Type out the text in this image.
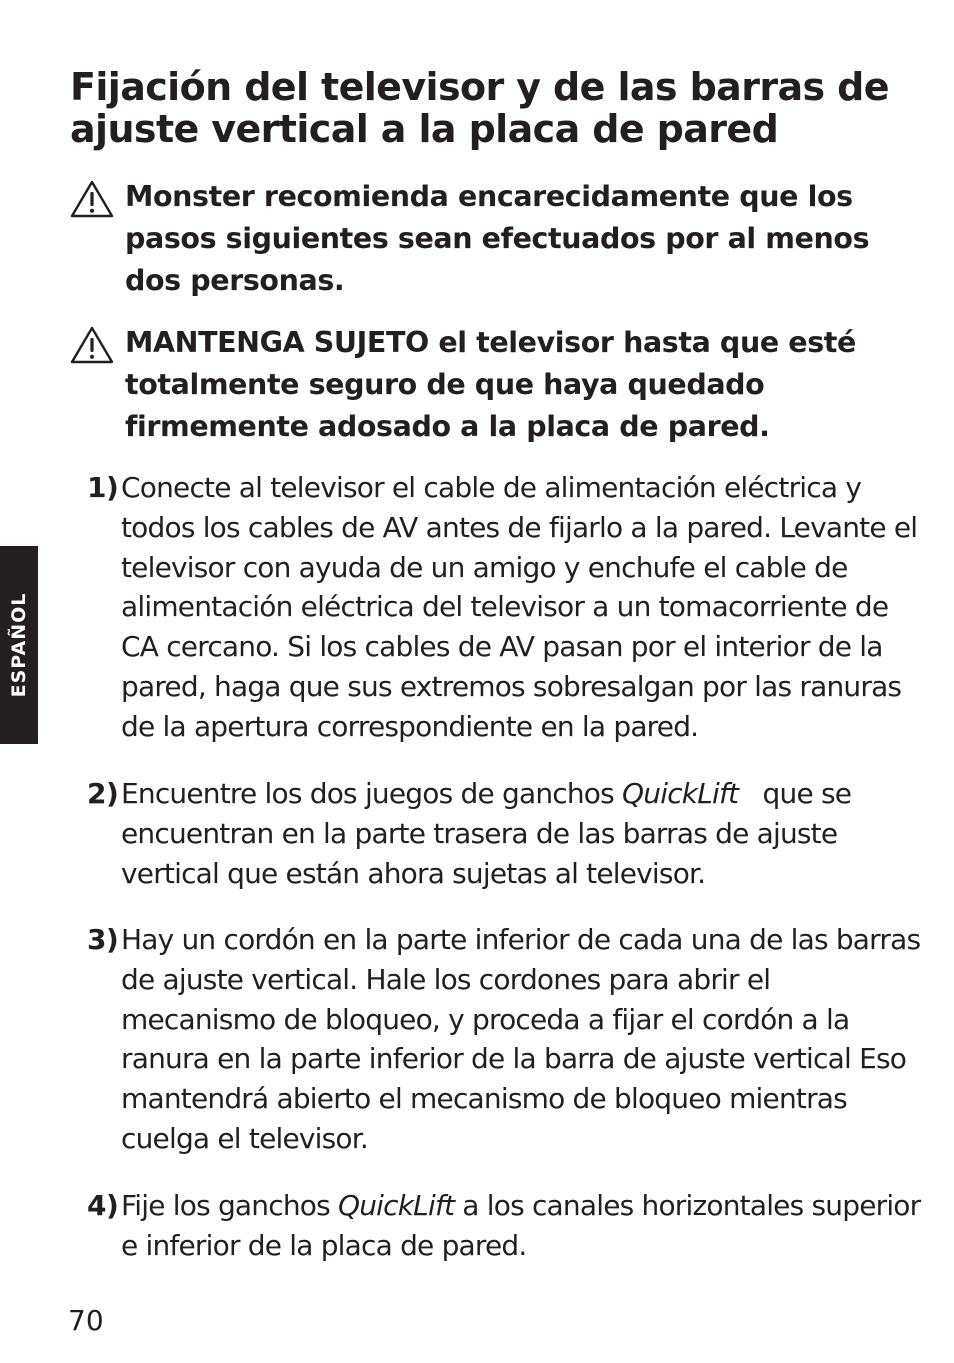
Fijación del televisor y de las barras de ajuste vertical a la placa de pared

Monster recomienda encarecidamente que los pasos siguientes sean efectuados por al menos dos personas.

MANTENGA SUJETO el televisor hasta que esté totalmente seguro de que haya quedado firmemente adosado a la placa de pared.

1) Conecte al televisor el cable de alimentación eléctrica y todos los cables de AV antes de fijarlo a la pared. Levante el televisor con ayuda de un amigo y enchufe el cable de alimentación eléctrica del televisor a un tomacorriente de CA cercano. Si los cables de AV pasan por el interior de la pared, haga que sus extremos sobresalgan por las ranuras de la apertura correspondiente en la pared.

2) Encuentre los dos juegos de ganchos QuickLift   que se encuentran en la parte trasera de las barras de ajuste vertical que están ahora sujetas al televisor.

3) Hay un cordón en la parte inferior de cada una de las barras de ajuste vertical. Hale los cordones para abrir el mecanismo de bloqueo, y proceda a fijar el cordón a la ranura en la parte inferior de la barra de ajuste vertical Eso mantendrá abierto el mecanismo de bloqueo mientras cuelga el televisor.

4) Fije los ganchos QuickLift a los canales horizontales superior e inferior de la placa de pared.

ESPAÑOL
70
